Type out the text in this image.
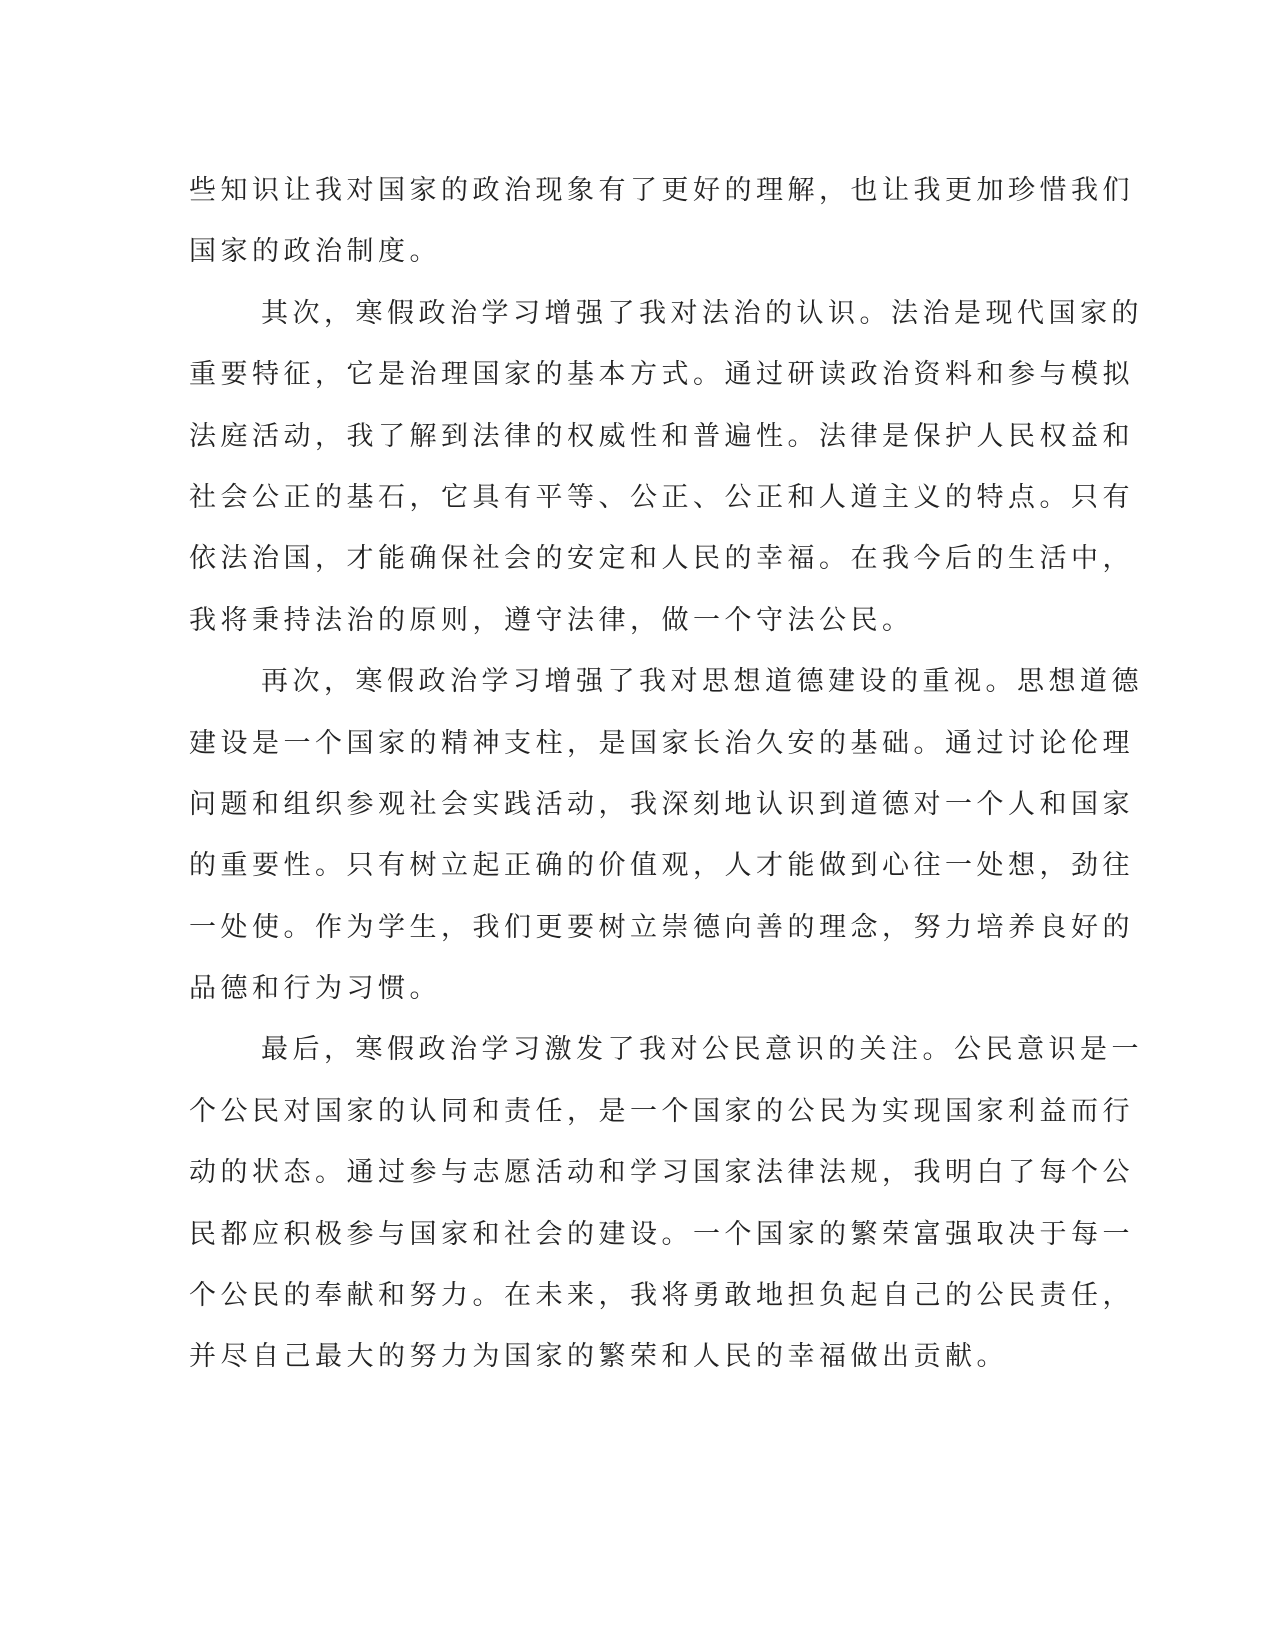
些知识让我对国家的政治现象有了更好的理解，也让我更加珍惜我们
国家的政治制度。
其次，寒假政治学习增强了我对法治的认识。法治是现代国家的
重要特征，它是治理国家的基本方式。通过研读政治资料和参与模拟
法庭活动，我了解到法律的权威性和普遍性。法律是保护人民权益和
社会公正的基石，它具有平等、公正、公正和人道主义的特点。只有
依法治国，才能确保社会的安定和人民的幸福。在我今后的生活中，
我将秉持法治的原则，遵守法律，做一个守法公民。
再次，寒假政治学习增强了我对思想道德建设的重视。思想道德
建设是一个国家的精神支柱，是国家长治久安的基础。通过讨论伦理
问题和组织参观社会实践活动，我深刻地认识到道德对一个人和国家
的重要性。只有树立起正确的价值观，人才能做到心往一处想，劲往
一处使。作为学生，我们更要树立崇德向善的理念，努力培养良好的
品德和行为习惯。
最后，寒假政治学习激发了我对公民意识的关注。公民意识是一
个公民对国家的认同和责任，是一个国家的公民为实现国家利益而行
动的状态。通过参与志愿活动和学习国家法律法规，我明白了每个公
民都应积极参与国家和社会的建设。一个国家的繁荣富强取决于每一
个公民的奉献和努力。在未来，我将勇敢地担负起自己的公民责任，
并尽自己最大的努力为国家的繁荣和人民的幸福做出贡献。
